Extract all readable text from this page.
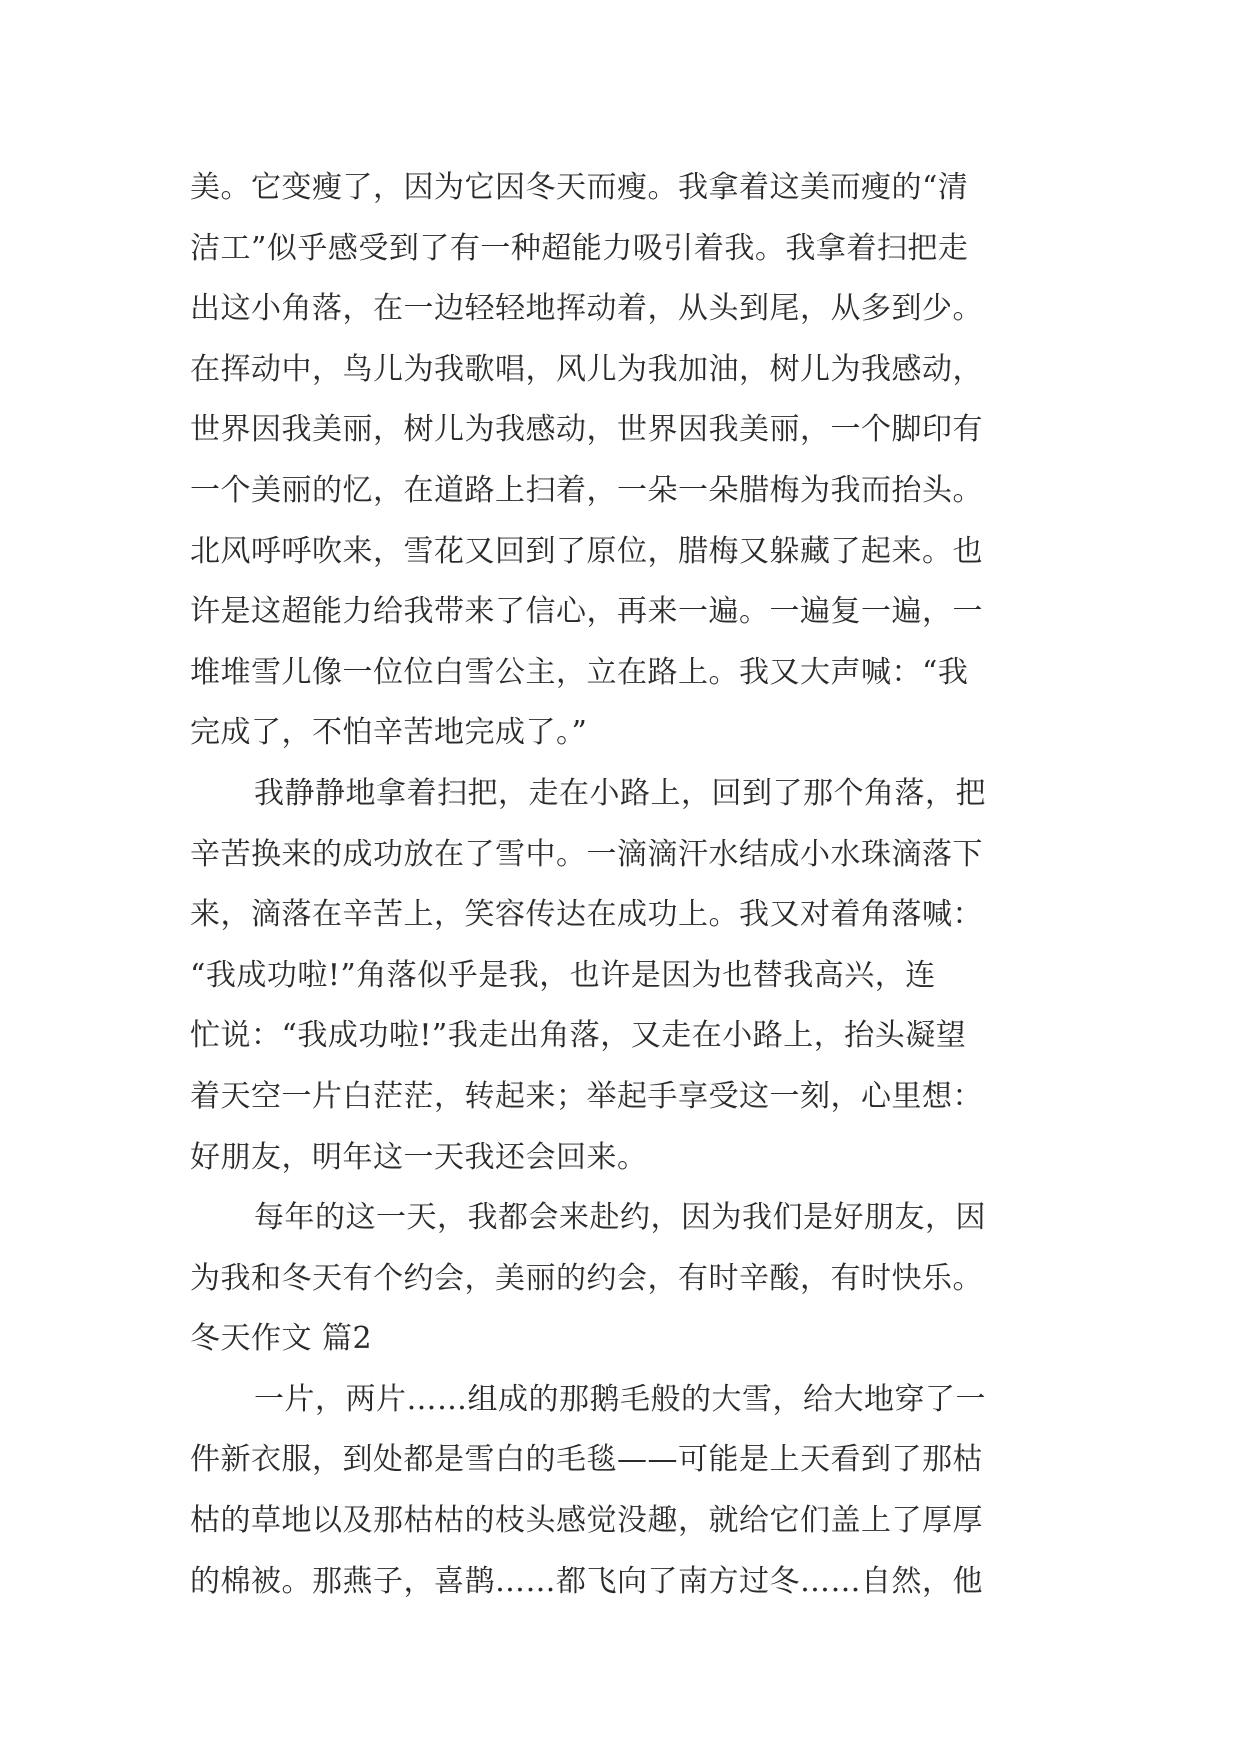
美。它变瘦了，因为它因冬天而瘦。我拿着这美而瘦的“清
洁工”似乎感受到了有一种超能力吸引着我。我拿着扫把走
出这小角落，在一边轻轻地挥动着，从头到尾，从多到少。
在挥动中，鸟儿为我歌唱，风儿为我加油，树儿为我感动，
世界因我美丽，树儿为我感动，世界因我美丽，一个脚印有
一个美丽的忆，在道路上扫着，一朵一朵腊梅为我而抬头。
北风呼呼吹来，雪花又回到了原位，腊梅又躲藏了起来。也
许是这超能力给我带来了信心，再来一遍。一遍复一遍，一
堆堆雪儿像一位位白雪公主，立在路上。我又大声喊：“我
完成了，不怕辛苦地完成了。”
我静静地拿着扫把，走在小路上，回到了那个角落，把
辛苦换来的成功放在了雪中。一滴滴汗水结成小水珠滴落下
来，滴落在辛苦上，笑容传达在成功上。我又对着角落喊：
“我成功啦!”角落似乎是我，也许是因为也替我高兴，连
忙说：“我成功啦!”我走出角落，又走在小路上，抬头凝望
着天空一片白茫茫，转起来；举起手享受这一刻，心里想：
好朋友，明年这一天我还会回来。
每年的这一天，我都会来赴约，因为我们是好朋友，因
为我和冬天有个约会，美丽的约会，有时辛酸，有时快乐。
冬天作文 篇2
一片，两片……组成的那鹅毛般的大雪，给大地穿了一
件新衣服，到处都是雪白的毛毯——可能是上天看到了那枯
枯的草地以及那枯枯的枝头感觉没趣，就给它们盖上了厚厚
的棉被。那燕子，喜鹊……都飞向了南方过冬……自然，他
